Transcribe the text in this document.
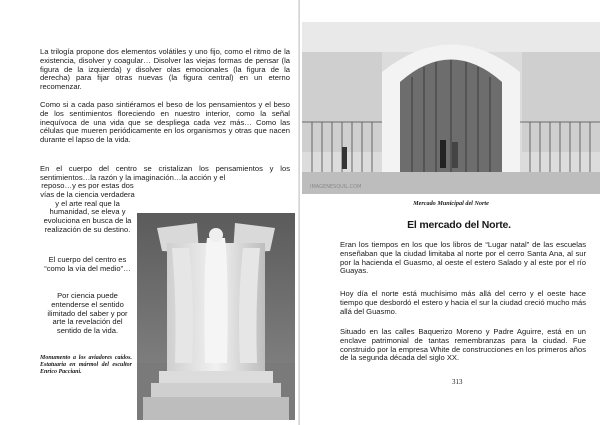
La trilogía propone dos elementos volátiles y uno fijo, como el ritmo de la existencia, disolver y coagular… Disolver las viejas formas de pensar (la figura de la izquierda) y disolver olas emocionales (la figura de la derecha) para fijar otras nuevas (la figura central) en un eterno recomenzar.

Como si a cada paso sintiéramos el beso de los pensamientos y el beso de los sentimientos floreciendo en nuestro interior, como la señal inequívoca de una vida que se despliega cada vez más… Como las células que mueren periódicamente en los organismos y otras que nacen durante el lapso de la vida.

En el cuerpo del centro se cristalizan los pensamientos y los sentimientos…la razón y la imaginación…la acción y el

reposo…y es por estas dos vías de la ciencia verdadera y el arte real que la humanidad, se eleva y evoluciona en busca de la realización de su destino.
El cuerpo del centro es “como la vía del medio”…
Por ciencia puede entenderse el sentido ilimitado del saber y por arte la revelación del sentido de la vida.
Monumento a los aviadores caídos. Estatuaria en mármol del escultor Enrico Pacciani.
IMAGENESQUIL.COM
Mercado Municipal del Norte
El mercado del Norte.

Eran los tiempos en los que los libros de “Lugar natal” de las escuelas enseñaban que la ciudad limitaba al norte por el cerro Santa Ana, al sur por la hacienda el Guasmo, al oeste el estero Salado y al este por el río Guayas.

Hoy día el norte está muchísimo más allá del cerro y el oeste hace tiempo que desbordó el estero y hacia el sur la ciudad creció mucho más allá del Guasmo.

Situado en las calles Baquerizo Moreno y Padre Aguirre, está en un enclave patrimonial de tantas remembranzas para la ciudad. Fue construido por la empresa White de construcciones en los primeros años de la segunda década del siglo XX.

313
